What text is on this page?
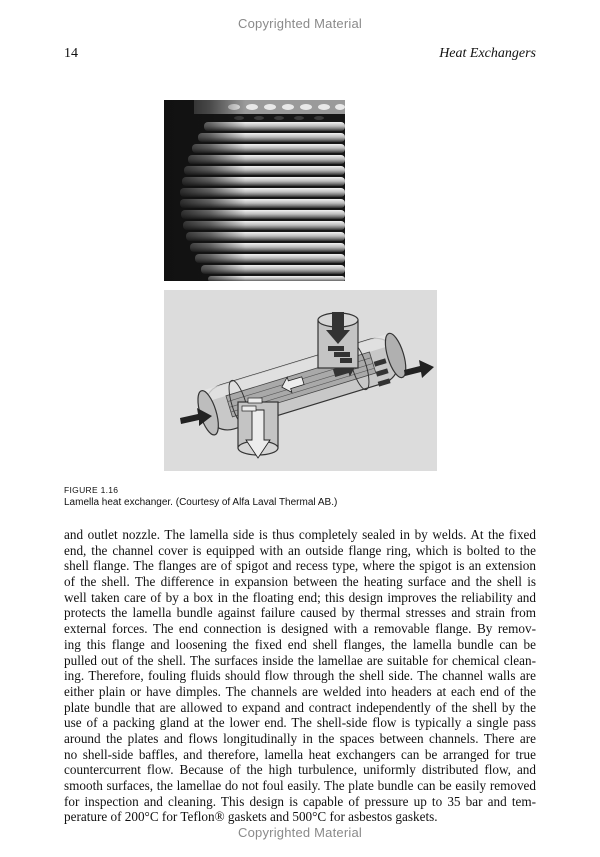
Copyrighted Material
14	Heat Exchangers
FIGURE 1.16
Lamella heat exchanger. (Courtesy of Alfa Laval Thermal AB.)
and outlet nozzle. The lamella side is thus completely sealed in by welds. At the fixed
end, the channel cover is equipped with an outside flange ring, which is bolted to the
shell flange. The flanges are of spigot and recess type, where the spigot is an extension
of the shell. The difference in expansion between the heating surface and the shell is
well taken care of by a box in the floating end; this design improves the reliability and
protects the lamella bundle against failure caused by thermal stresses and strain from
external forces. The end connection is designed with a removable flange. By remov-
ing this flange and loosening the fixed end shell flanges, the lamella bundle can be
pulled out of the shell. The surfaces inside the lamellae are suitable for chemical clean-
ing. Therefore, fouling fluids should flow through the shell side. The channel walls are
either plain or have dimples. The channels are welded into headers at each end of the
plate bundle that are allowed to expand and contract independently of the shell by the
use of a packing gland at the lower end. The shell-side flow is typically a single pass
around the plates and flows longitudinally in the spaces between channels. There are
no shell-side baffles, and therefore, lamella heat exchangers can be arranged for true
countercurrent flow. Because of the high turbulence, uniformly distributed flow, and
smooth surfaces, the lamellae do not foul easily. The plate bundle can be easily removed
for inspection and cleaning. This design is capable of pressure up to 35 bar and tem-
perature of 200°C for Teflon® gaskets and 500°C for asbestos gaskets.
Copyrighted Material
